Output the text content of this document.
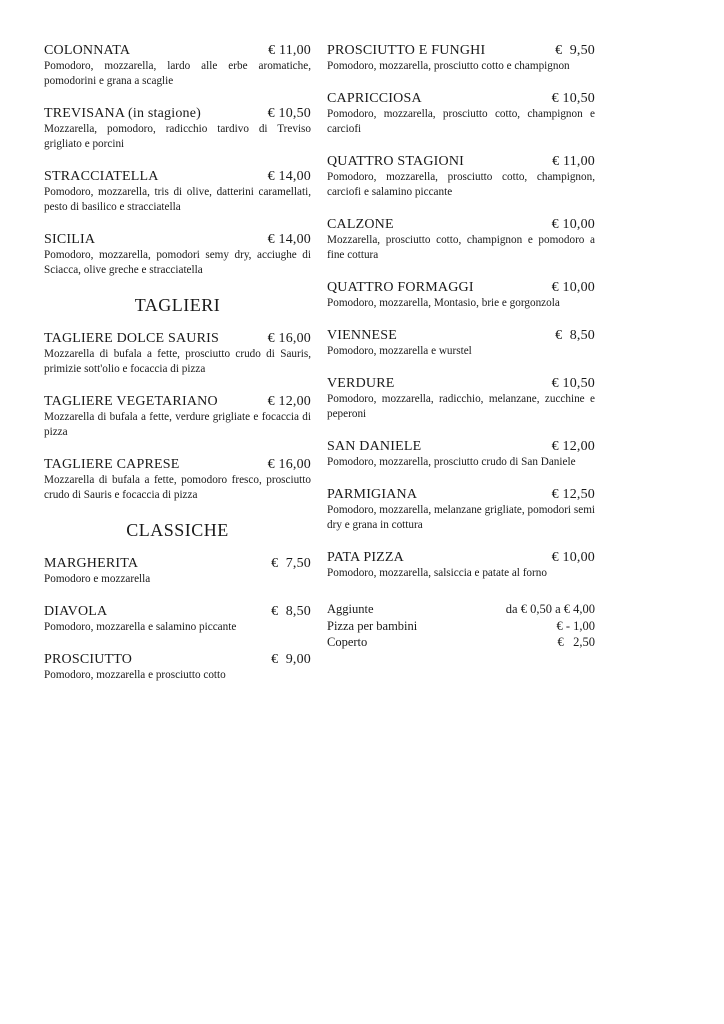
COLONNATA	€ 11,00
Pomodoro, mozzarella, lardo alle erbe aromatiche, pomodorini e grana a scaglie
TREVISANA (in stagione)	€ 10,50
Mozzarella, pomodoro, radicchio tardivo di Treviso grigliato e porcini
STRACCIATELLA	€ 14,00
Pomodoro, mozzarella, tris di olive, datterini caramellati, pesto di basilico e stracciatella
SICILIA	€ 14,00
Pomodoro, mozzarella, pomodori semy dry, acciughe di Sciacca, olive greche e stracciatella
TAGLIERI
TAGLIERE DOLCE SAURIS	€ 16,00
Mozzarella di bufala a fette, prosciutto crudo di Sauris, primizie sott'olio e focaccia di pizza
TAGLIERE VEGETARIANO	€ 12,00
Mozzarella di bufala a fette, verdure grigliate e focaccia di pizza
TAGLIERE CAPRESE	€ 16,00
Mozzarella di bufala a fette, pomodoro fresco, prosciutto crudo di Sauris e focaccia di pizza
CLASSICHE
MARGHERITA	€  7,50
Pomodoro e mozzarella
DIAVOLA	€  8,50
Pomodoro, mozzarella e salamino piccante
PROSCIUTTO	€  9,00
Pomodoro, mozzarella e prosciutto cotto
PROSCIUTTO E FUNGHI	€  9,50
Pomodoro, mozzarella, prosciutto cotto e champignon
CAPRICCIOSA	€ 10,50
Pomodoro, mozzarella, prosciutto cotto, champignon e carciofi
QUATTRO STAGIONI	€ 11,00
Pomodoro, mozzarella, prosciutto cotto, champignon, carciofi e salamino piccante
CALZONE	€ 10,00
Mozzarella, prosciutto cotto, champignon e pomodoro a fine cottura
QUATTRO FORMAGGI	€ 10,00
Pomodoro, mozzarella, Montasio, brie e gorgonzola
VIENNESE	€  8,50
Pomodoro, mozzarella e wurstel
VERDURE	€ 10,50
Pomodoro, mozzarella, radicchio, melanzane, zucchine e peperoni
SAN DANIELE	€ 12,00
Pomodoro, mozzarella, prosciutto crudo di San Daniele
PARMIGIANA	€ 12,50
Pomodoro, mozzarella, melanzane grigliate, pomodori semi dry e grana in cottura
PATA PIZZA	€ 10,00
Pomodoro, mozzarella, salsiccia e patate al forno
Aggiunte	da € 0,50 a € 4,00
Pizza per bambini	€ - 1,00
Coperto	€   2,50
